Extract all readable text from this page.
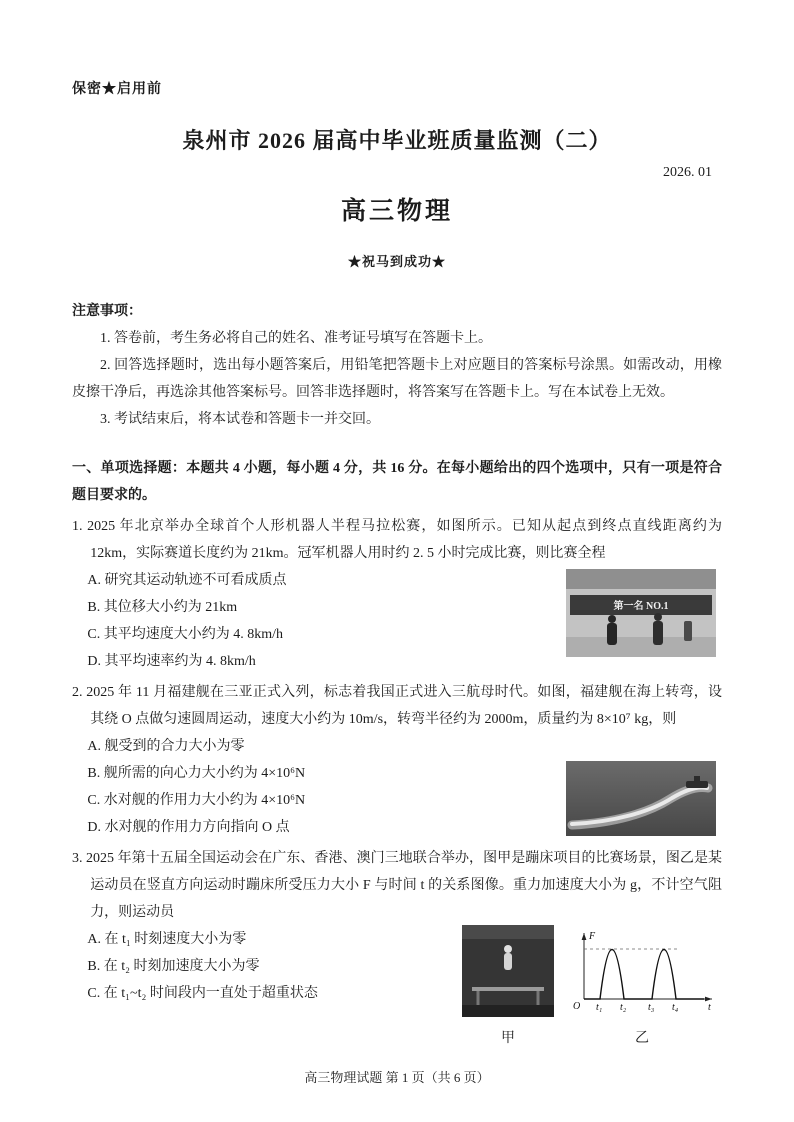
保密★启用前
泉州市 2026 届高中毕业班质量监测（二）
2026. 01
高三物理
★祝马到成功★
注意事项：

1. 答卷前，考生务必将自己的姓名、准考证号填写在答题卡上。

2. 回答选择题时，选出每小题答案后，用铅笔把答题卡上对应题目的答案标号涂黑。如需改动，用橡皮擦干净后，再选涂其他答案标号。回答非选择题时，将答案写在答题卡上。写在本试卷上无效。

3. 考试结束后，将本试卷和答题卡一并交回。

一、单项选择题：本题共 4 小题，每小题 4 分，共 16 分。在每小题给出的四个选项中，只有一项是符合题目要求的。

1. 2025 年北京举办全球首个人形机器人半程马拉松赛，如图所示。已知从起点到终点直线距离约为 12km，实际赛道长度约为 21km。冠军机器人用时约 2. 5 小时完成比赛，则比赛全程

A. 研究其运动轨迹不可看成质点

B. 其位移大小约为 21km

C. 其平均速度大小约为 4. 8km/h

D. 其平均速率约为 4. 8km/h

第一名 NO.1

2. 2025 年 11 月福建舰在三亚正式入列，标志着我国正式进入三航母时代。如图，福建舰在海上转弯，设其绕 O 点做匀速圆周运动，速度大小约为 10m/s，转弯半径约为 2000m，质量约为 8×10⁷ kg，则

A. 舰受到的合力大小为零

B. 舰所需的向心力大小约为 4×10⁶N

C. 水对舰的作用力大小约为 4×10⁶N

D. 水对舰的作用力方向指向 O 点

3. 2025 年第十五届全国运动会在广东、香港、澳门三地联合举办，图甲是蹦床项目的比赛场景，图乙是某运动员在竖直方向运动时蹦床所受压力大小 F 与时间 t 的关系图像。重力加速度大小为 g，不计空气阻力，则运动员

A. 在 t₁ 时刻速度大小为零

B. 在 t₂ 时刻加速度大小为零

C. 在 t₁~t₂ 时间段内一直处于超重状态

甲
F
O t₁ t₂ t₃ t₄	t
乙
高三物理试题 第 1 页（共 6 页）
